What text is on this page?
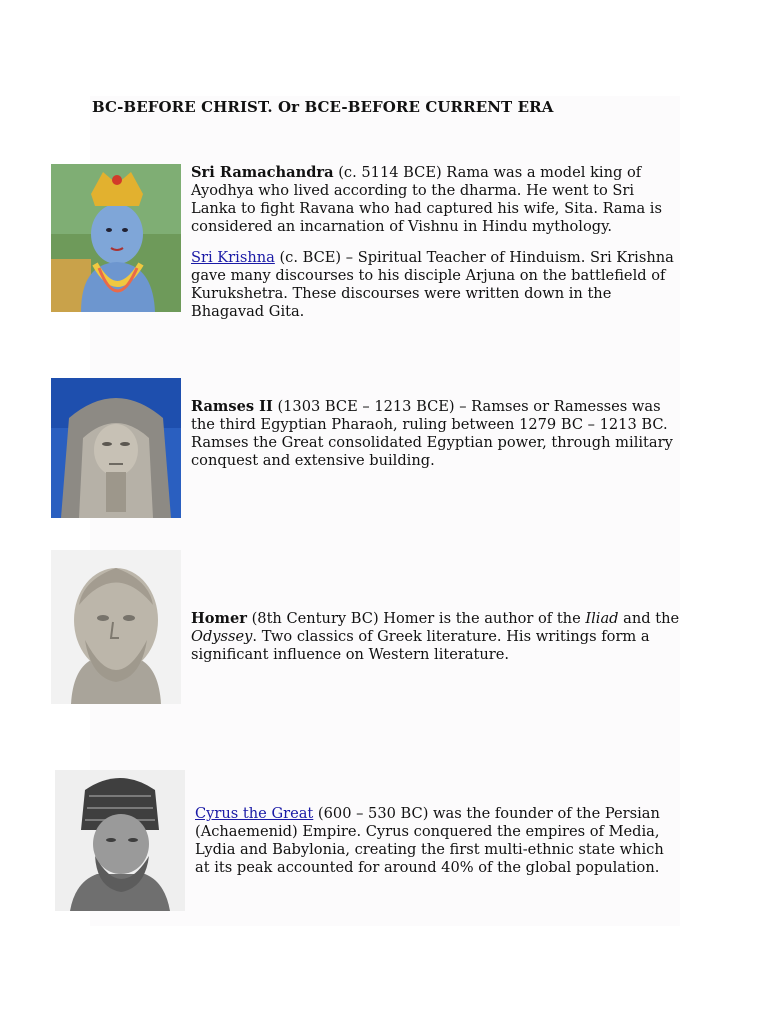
BC-BEFORE CHRIST. Or BCE-BEFORE CURRENT ERA
Sri Ramachandra (c. 5114 BCE) Rama was a model king of Ayodhya who lived according to the dharma. He went to Sri Lanka to fight Ravana who had captured his wife, Sita. Rama is considered an incarnation of Vishnu in Hindu mythology.
Sri Krishna (c. BCE) – Spiritual Teacher of Hinduism. Sri Krishna gave many discourses to his disciple Arjuna on the battlefield of Kurukshetra. These discourses were written down in the Bhagavad Gita.
Ramses II (1303 BCE – 1213 BCE) – Ramses or Ramesses was the third Egyptian Pharaoh, ruling between 1279 BC – 1213 BC. Ramses the Great consolidated Egyptian power, through military conquest and extensive building.
Homer (8th Century BC) Homer is the author of the Iliad and the Odyssey. Two classics of Greek literature. His writings form a significant influence on Western literature.
Cyrus the Great (600 – 530 BC) was the founder of the Persian (Achaemenid) Empire. Cyrus conquered the empires of Media, Lydia and Babylonia, creating the first multi-ethnic state which at its peak accounted for around 40% of the global population.
